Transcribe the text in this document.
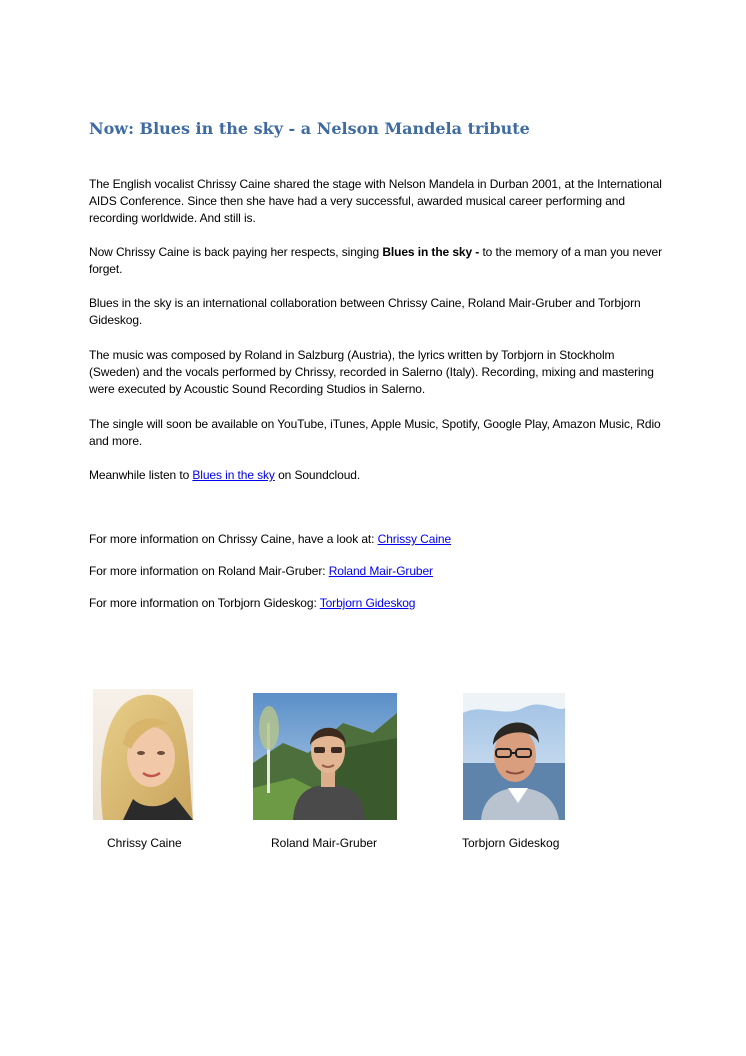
Now: Blues in the sky - a Nelson Mandela tribute

The English vocalist Chrissy Caine shared the stage with Nelson Mandela in Durban 2001, at the International AIDS Conference. Since then she have had a very successful, awarded musical career performing and recording worldwide. And still is.

Now Chrissy Caine is back paying her respects, singing Blues in the sky - to the memory of a man you never forget.

Blues in the sky is an international collaboration between Chrissy Caine, Roland Mair-Gruber and Torbjorn Gideskog.

The music was composed by Roland in Salzburg (Austria), the lyrics written by Torbjorn in Stockholm (Sweden) and the vocals performed by Chrissy, recorded in Salerno (Italy). Recording, mixing and mastering were executed by Acoustic Sound Recording Studios in Salerno.

The single will soon be available on YouTube, iTunes, Apple Music, Spotify, Google Play, Amazon Music, Rdio and more.

Meanwhile listen to Blues in the sky on Soundcloud.

For more information on Chrissy Caine, have a look at: Chrissy Caine

For more information on Roland Mair-Gruber: Roland Mair-Gruber

For more information on Torbjorn Gideskog: Torbjorn Gideskog

Chrissy Caine	Roland Mair-Gruber	Torbjorn Gideskog
